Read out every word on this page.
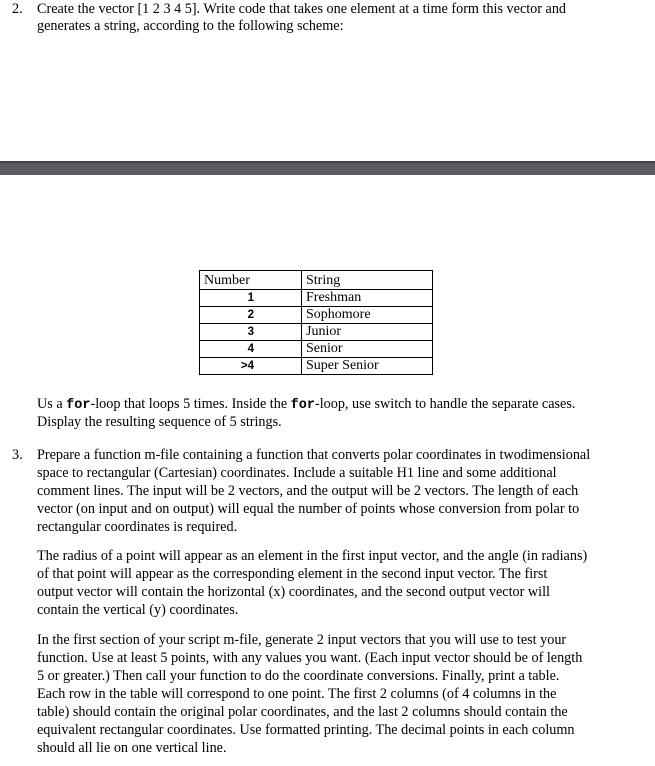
2. Create the vector [1 2 3 4 5]. Write code that takes one element at a time form this vector and
generates a string, according to the following scheme:
Number	String
1	Freshman
2	Sophomore
3	Junior
4	Senior
>4	Super Senior
Us a for-loop that loops 5 times. Inside the for-loop, use switch to handle the separate cases.
Display the resulting sequence of 5 strings.
3. Prepare a function m-file containing a function that converts polar coordinates in twodimensional
space to rectangular (Cartesian) coordinates. Include a suitable H1 line and some additional
comment lines. The input will be 2 vectors, and the output will be 2 vectors. The length of each
vector (on input and on output) will equal the number of points whose conversion from polar to
rectangular coordinates is required.
The radius of a point will appear as an element in the first input vector, and the angle (in radians)
of that point will appear as the corresponding element in the second input vector. The first
output vector will contain the horizontal (x) coordinates, and the second output vector will
contain the vertical (y) coordinates.
In the first section of your script m-file, generate 2 input vectors that you will use to test your
function. Use at least 5 points, with any values you want. (Each input vector should be of length
5 or greater.) Then call your function to do the coordinate conversions. Finally, print a table.
Each row in the table will correspond to one point. The first 2 columns (of 4 columns in the
table) should contain the original polar coordinates, and the last 2 columns should contain the
equivalent rectangular coordinates. Use formatted printing. The decimal points in each column
should all lie on one vertical line.
